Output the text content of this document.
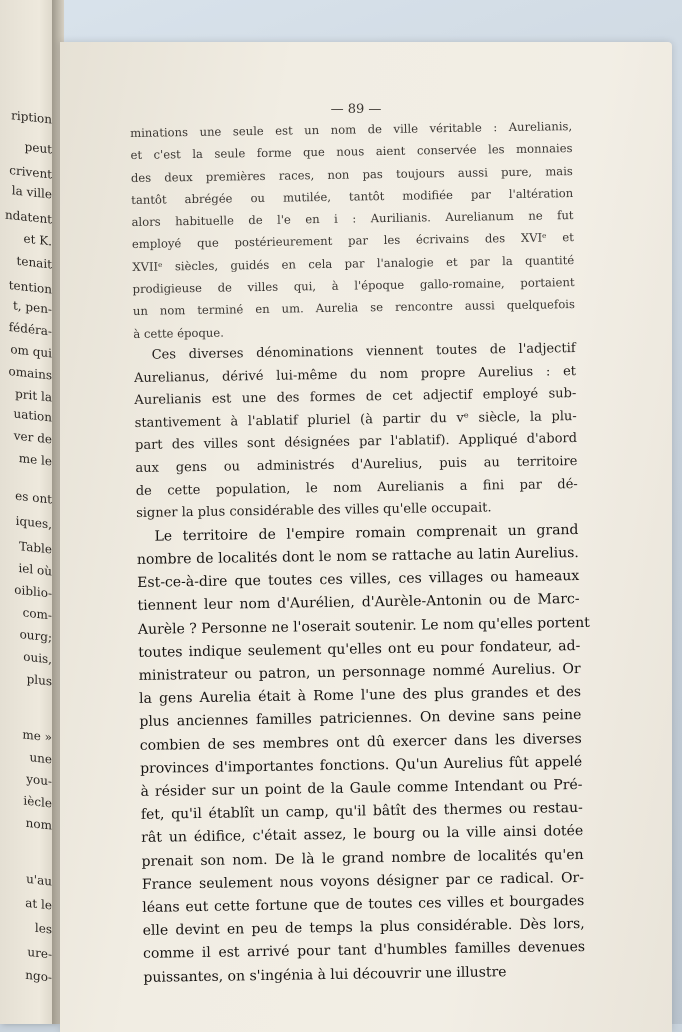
ription
peut
crivent
la ville
ndatent
et K.
tenait
tention
t, pen-
fédéra-
om qui
omains
prit la
uation
ver de
me le
es ont
iques,
Table
iel où
oiblio-
com-
ourg;
ouis,
plus
me »
une
you-
iècle
nom
u'au
at le
les
ure-
ngo-
— 89 —
minations une seule est un nom de ville véritable : Aurelianis,
et c'est la seule forme que nous aient conservée les monnaies
des deux premières races, non pas toujours aussi pure, mais
tantôt abrégée ou mutilée, tantôt modifiée par l'altération
alors habituelle de l'e en i : Aurilianis. Aurelianum ne fut
employé que postérieurement par les écrivains des XVIᵉ et
XVIIᵉ siècles, guidés en cela par l'analogie et par la quantité
prodigieuse de villes qui, à l'époque gallo-romaine, portaient
un nom terminé en um. Aurelia se rencontre aussi quelquefois
à cette époque.
Ces diverses dénominations viennent toutes de l'adjectif
Aurelianus, dérivé lui-même du nom propre Aurelius : et
Aurelianis est une des formes de cet adjectif employé sub-
stantivement à l'ablatif pluriel (à partir du vᵉ siècle, la plu-
part des villes sont désignées par l'ablatif). Appliqué d'abord
aux gens ou administrés d'Aurelius, puis au territoire
de cette population, le nom Aurelianis a fini par dé-
signer la plus considérable des villes qu'elle occupait.
Le territoire de l'empire romain comprenait un grand
nombre de localités dont le nom se rattache au latin Aurelius.
Est-ce-à-dire que toutes ces villes, ces villages ou hameaux
tiennent leur nom d'Aurélien, d'Aurèle-Antonin ou de Marc-
Aurèle ? Personne ne l'oserait soutenir. Le nom qu'elles portent
toutes indique seulement qu'elles ont eu pour fondateur, ad-
ministrateur ou patron, un personnage nommé Aurelius. Or
la gens Aurelia était à Rome l'une des plus grandes et des
plus anciennes familles patriciennes. On devine sans peine
combien de ses membres ont dû exercer dans les diverses
provinces d'importantes fonctions. Qu'un Aurelius fût appelé
à résider sur un point de la Gaule comme Intendant ou Pré-
fet, qu'il établît un camp, qu'il bâtît des thermes ou restau-
rât un édifice, c'était assez, le bourg ou la ville ainsi dotée
prenait son nom. De là le grand nombre de localités qu'en
France seulement nous voyons désigner par ce radical. Or-
léans eut cette fortune que de toutes ces villes et bourgades
elle devint en peu de temps la plus considérable. Dès lors,
comme il est arrivé pour tant d'humbles familles devenues
puissantes, on s'ingénia à lui découvrir une illustre
